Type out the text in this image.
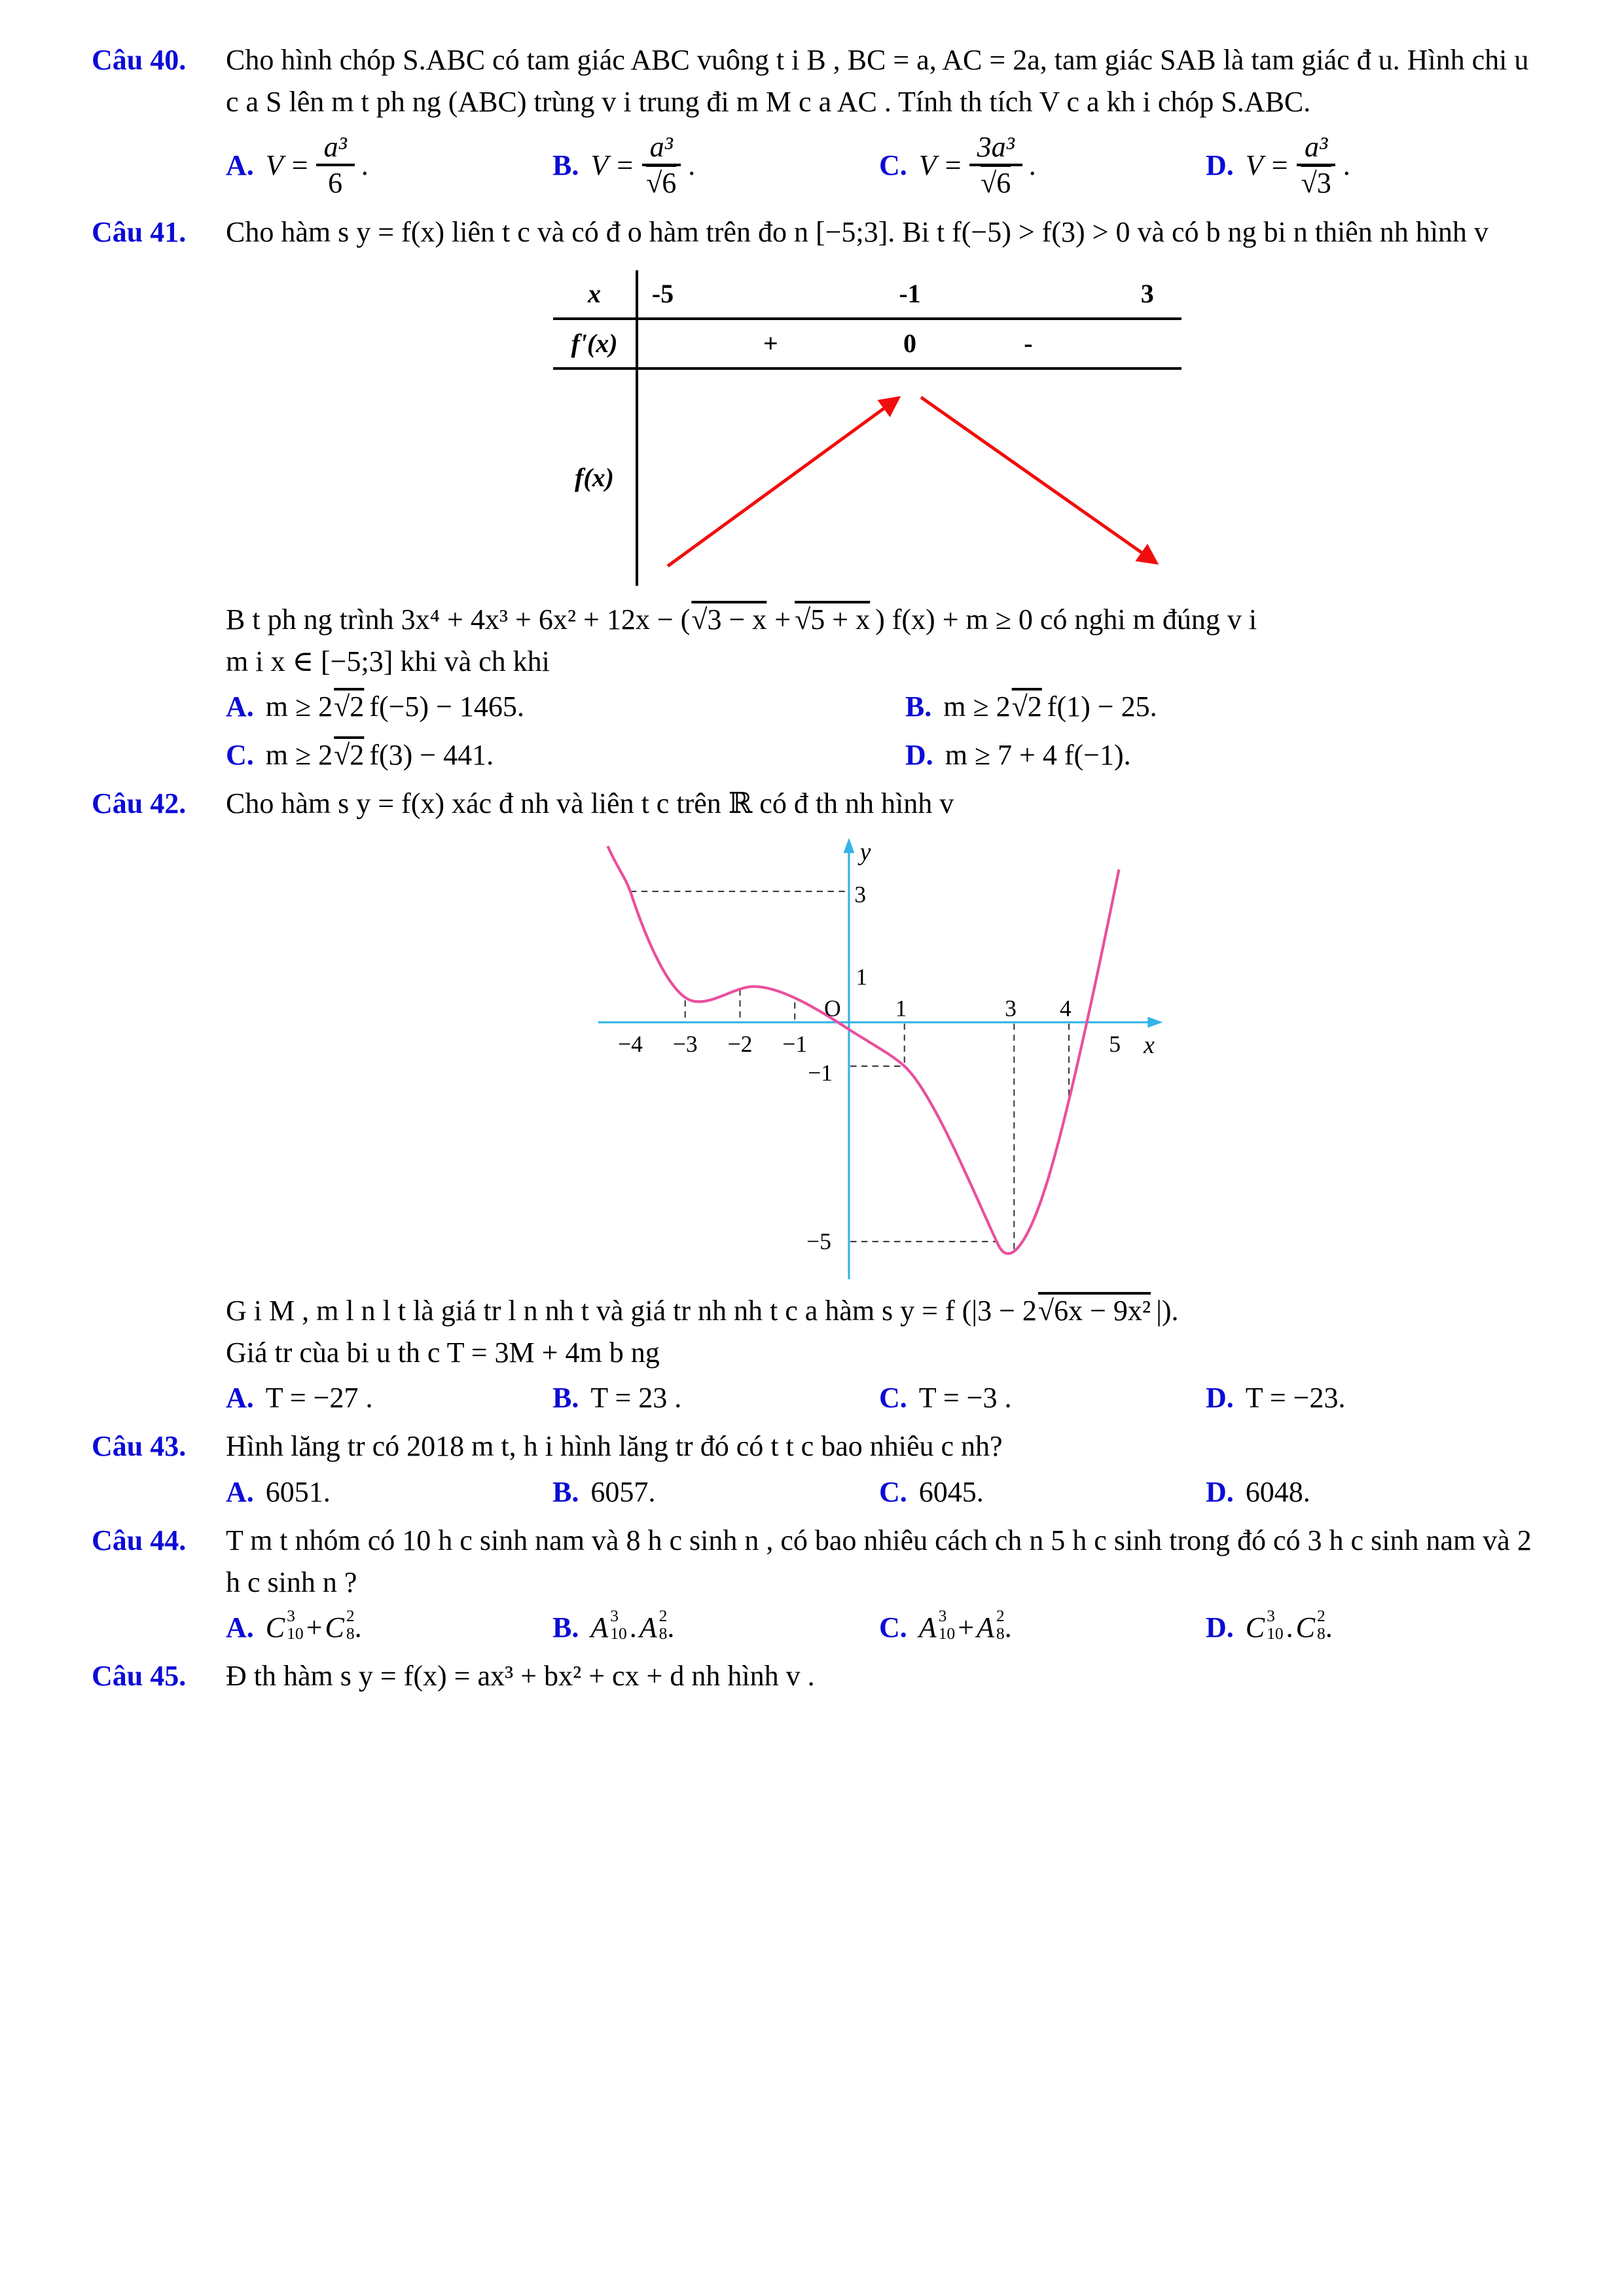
Câu 40.	Cho hình chóp S.ABC có tam giác ABC vuông t i B , BC = a, AC = 2a, tam giác SAB là tam giác đ u. Hình chi u c a S lên m t ph ng (ABC) trùng v i trung đi m M c a AC . Tính th tích V c a kh i chóp S.ABC.
A. $V = \frac{\text{a³}}{6}$ .	B. $V = \frac{\text{a³}}{√6}$ .	C. $V = \frac{\text{3a³}}{√6}$ .	D. $V = \frac{\text{a³}}{√3}$ .
Câu 41.	Cho hàm s y = f(x) liên t c và có đ o hàm trên đo n [−5;3]. Bi t f(−5) > f(3) > 0 và có b ng bi n thiên nh hình v
x	-5	-1	3
f'(x)	+	0	-
f(x)
B t ph ng trình 3x⁴ + 4x³ + 6x² + 12x − (√3 − x + √5 + x ) f(x) + m ≥ 0 có nghi m đúng v i
m i x ∈ [−5;3] khi và ch khi
A. m ≥ 2 √2 f(−5) − 1465.	B. m ≥ 2 √2 f(1) − 25.
C. m ≥ 2 √2 f(3) − 441.	D. m ≥ 7 + 4 f(−1).
Câu 42.	Cho hàm s y = f(x) xác đ nh và liên t c trên ℝ có đ th nh hình v
y
x
3
1
−1
−5
O 1	3 4
−4 −3 −2 −1	5
G i M , m l n l t là giá tr l n nh t và giá tr nh nh t c a hàm s y = f (|3 − 2√6x − 9x² |).
Giá tr cùa bi u th c T = 3M + 4m b ng
A. T = −27 .	B. T = 23 .	C. T = −3 .	D. T = −23.
Câu 43.	Hình lăng tr có 2018 m t, h i hình lăng tr đó có t t c bao nhiêu c nh?
A. 6051.	B. 6057.	C. 6045.	D. 6048.
Câu 44.	T m t nhóm có 10 h c sinh nam và 8 h c sinh n , có bao nhiêu cách ch n 5 h c sinh trong đó có 3 h c sinh nam và 2 h c sinh n ?
A. C 3
10 + C 2
8 .	B. A 3
10 . A 2
8 .	C. A 3
10 + A 2
8 .	D. C 3
10 . C 2
8 .
Câu 45.	Đ th hàm s y = f(x) = ax³ + bx² + cx + d nh hình v .
